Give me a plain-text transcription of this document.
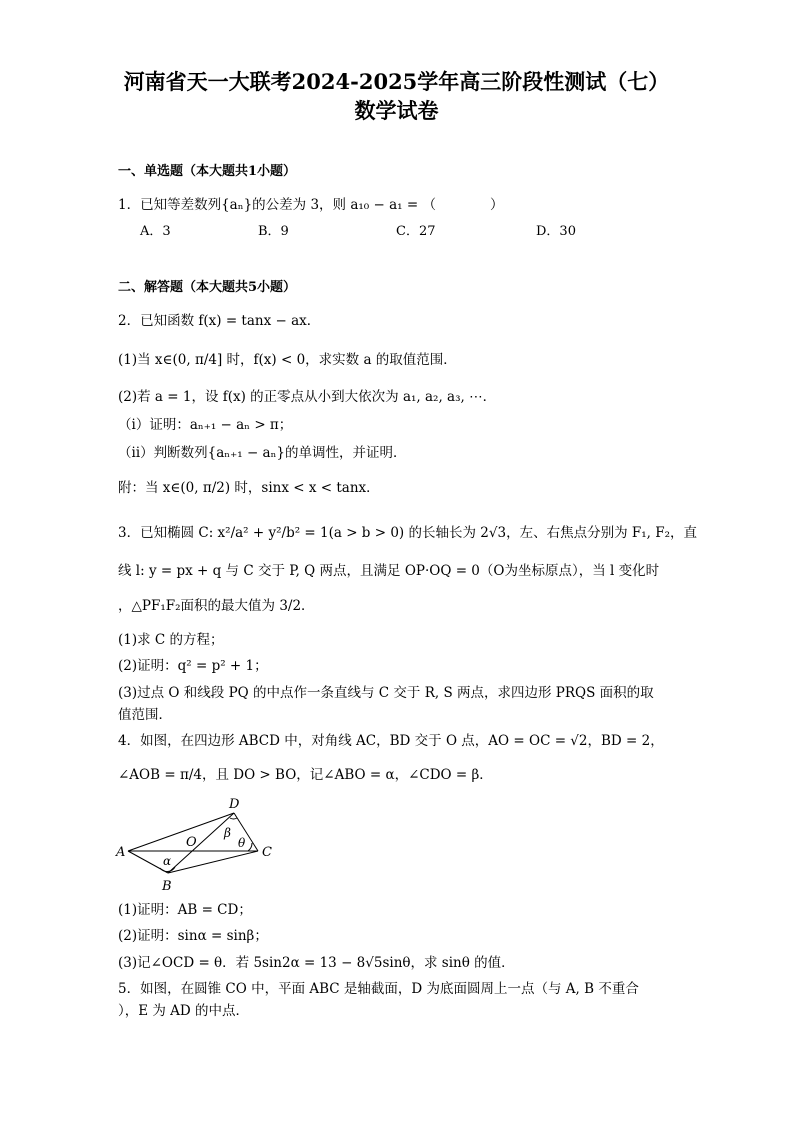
河南省天一大联考2024-2025学年高三阶段性测试（七）
数学试卷
一、单选题（本大题共1小题）
1．已知等差数列{aₙ}的公差为 3，则 a₁₀ − a₁ = （　　　　）
A．3	B．9	C．27	D．30
二、解答题（本大题共5小题）
2．已知函数 f(x) = tanx − ax．
(1)当 x∈(0, π/4] 时，f(x) < 0，求实数 a 的取值范围．
(2)若 a = 1，设 f(x) 的正零点从小到大依次为 a₁, a₂, a₃, ⋯．
（ⅰ）证明：aₙ₊₁ − aₙ > π；
（ⅱ）判断数列{aₙ₊₁ − aₙ}的单调性，并证明．
附：当 x∈(0, π/2) 时，sinx < x < tanx．
3．已知椭圆 C: x²/a² + y²/b² = 1(a > b > 0) 的长轴长为 2√3，左、右焦点分别为 F₁, F₂，直
线 l: y = px + q 与 C 交于 P, Q 两点，且满足 OP·OQ = 0（O为坐标原点），当 l 变化时
，△PF₁F₂面积的最大值为 3/2．
(1)求 C 的方程；
(2)证明：q² = p² + 1；
(3)过点 O 和线段 PQ 的中点作一条直线与 C 交于 R, S 两点，求四边形 PRQS 面积的取
值范围．
4．如图，在四边形 ABCD 中，对角线 AC，BD 交于 O 点，AO = OC = √2，BD = 2，
∠AOB = π/4，且 DO > BO，记∠ABO = α，∠CDO = β．
A
B
C
D
O
α
β
θ
(1)证明：AB = CD；
(2)证明：sinα = sinβ；
(3)记∠OCD = θ．若 5sin2α = 13 − 8√5sinθ，求 sinθ 的值．
5．如图，在圆锥 CO 中，平面 ABC 是轴截面，D 为底面圆周上一点（与 A, B 不重合
），E 为 AD 的中点．
